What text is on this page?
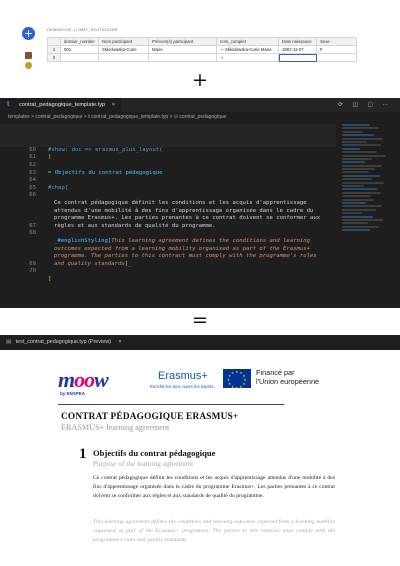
+	DEMARCHE_LOMAT_INVITATIONS
	dossier_number	Nom participant	Prénom(s) participant	nom_complet	Date naissance	Sexe
1	001	Skłodowska-Curie	Marie	☆ Skłodowska-Curie Marie	1867-11-07	F
2				☆		
+
t contrat_pedagogique_template.typ ×	⟳ ◫ ▢ ⋯
templates > contrat_pedagogique > t contrat_pedagogique_template.typ > ⊙ contrat_pedagogique

#show: doc => erasmus_plus_layout(

60

)

61

62

= Objectifs du contrat pédagogique

63

64

#chap[

65

66

Ce contrat pédagogique définit les conditions et les acquis d'apprentissage attendus d'une mobilité à des fins d'apprentissage organisée dans le cadre du programme Erasmus+. Les parties prenantes à ce contrat doivent se conformer aux règles et aux standards de qualité du programme.

67

68

_#englishStyling[This learning agreement defines the conditions and learning outcomes expected from a learning mobility organised as part of the Erasmus+ programme. The parties to this contract must comply with the programme's rules and quality standards]_

69

70

]

=
▤ test_contrat_pedagogique.typ (Preview) ×
moow
by ENSPEA
Erasmus+
Enrichit les vies, ouvre les esprits.
★ ★
★
★
★
★
★
★
★
★
★
★	Financé par
l'Union européenne
CONTRAT PÉDAGOGIQUE ERASMUS+
ERASMUS+ learning agreement
1 Objectifs du contrat pédagogique
Purpose of the learning agreement
Ce contrat pédagogique définit les conditions et les acquis d'apprentissage attendus d'une mobilité à des fins d'apprentissage organisée dans le cadre du programme Erasmus+. Les parties prenantes à ce contrat doivent se conformer aux règles et aux standards de qualité du programme.
This learning agreement defines the conditions and learning outcomes expected from a learning mobility organised as part of the Erasmus+ programme. The parties to this contract must comply with the programme's rules and quality standards
